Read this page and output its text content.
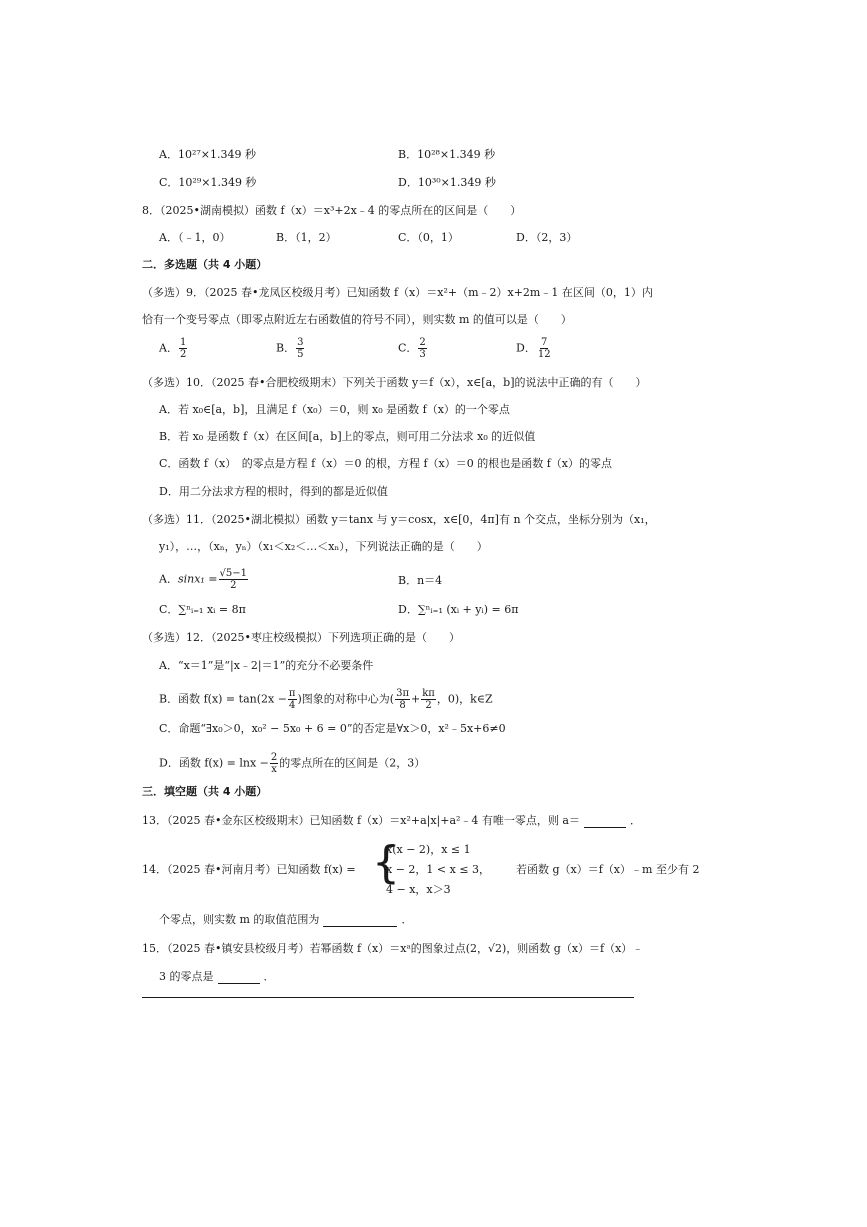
A．10²⁷×1.349 秒	B．10²⁸×1.349 秒
C．10²⁹×1.349 秒	D．10³⁰×1.349 秒
8．（2025•湖南模拟）函数 f（x）＝x³+2x﹣4 的零点所在的区间是（　　）
A．（﹣1，0）	B．（1，2）	C．（0，1）	D．（2，3）
二．多选题（共 4 小题）
（多选）9．（2025 春•龙凤区校级月考）已知函数 f（x）＝x²+（m﹣2）x+2m﹣1 在区间（0，1）内
恰有一个变号零点（即零点附近左右函数值的符号不同），则实数 m 的值可以是（　　）
A． $\frac{1}{2}$	B． $\frac{3}{5}$	C． $\frac{2}{3}$	D． $\frac{7}{12}$
（多选）10．（2025 春•合肥校级期末）下列关于函数 y＝f（x），x∈[a，b]的说法中正确的有（　　）
A．若 x₀∈[a，b]，且满足 f（x₀）＝0，则 x₀ 是函数 f（x）的一个零点
B．若 x₀ 是函数 f（x）在区间[a，b]上的零点，则可用二分法求 x₀ 的近似值
C．函数 f（x）　的零点是方程 f（x）＝0 的根，方程 f（x）＝0 的根也是函数 f（x）的零点
D．用二分法求方程的根时，得到的都是近似值
（多选）11．（2025•湖北模拟）函数 y＝tanx 与 y＝cosx，x∈[0，4π]有 n 个交点，坐标分别为（x₁，
y₁），…，（xₙ，yₙ）（x₁＜x₂＜…＜xₙ），下列说法正确的是（　　）
A．$\sin x_1 = \frac{√5-1}{2}$	B．n＝4
C．∑ⁿᵢ₌₁ xᵢ = 8π	D．∑ⁿᵢ₌₁ (xᵢ + yᵢ) = 6π
（多选）12．（2025•枣庄校级模拟）下列选项正确的是（　　）
A．“x＝1”是“|x﹣2|＝1”的充分不必要条件
B．函数 $f(x) = \tan(2x - \frac{\pi}{4}$ )图象的对称中心为( $\frac{3\pi}{8} + \frac{k\pi}{2}$ ，0)，k∈Z
C．命题“∃x₀＞0，x₀² − 5x₀ + 6 = 0”的否定是∀x＞0，x²﹣5x+6≠0
D．函数 $f(x) = \ln x - \frac{2}{x}$ 的零点所在的区间是（2，3）
三．填空题（共 4 小题）
13．（2025 春•金东区校级期末）已知函数 f（x）＝x²+a|x|+a²﹣4 有唯一零点，则 a＝	．
14．（2025 春•河南月考）已知函数 f(x) = {
x(x − 2)，x ≤ 1
x − 2，1 < x ≤ 3，
4 − x，x＞3
若函数 g（x）＝f（x）﹣m 至少有 2
个零点，则实数 m 的取值范围为	．
15．（2025 春•镇安县校级月考）若幂函数 f（x）＝xᵃ的图象过点(2，√2)，则函数 g（x）＝f（x）﹣
3 的零点是	．
